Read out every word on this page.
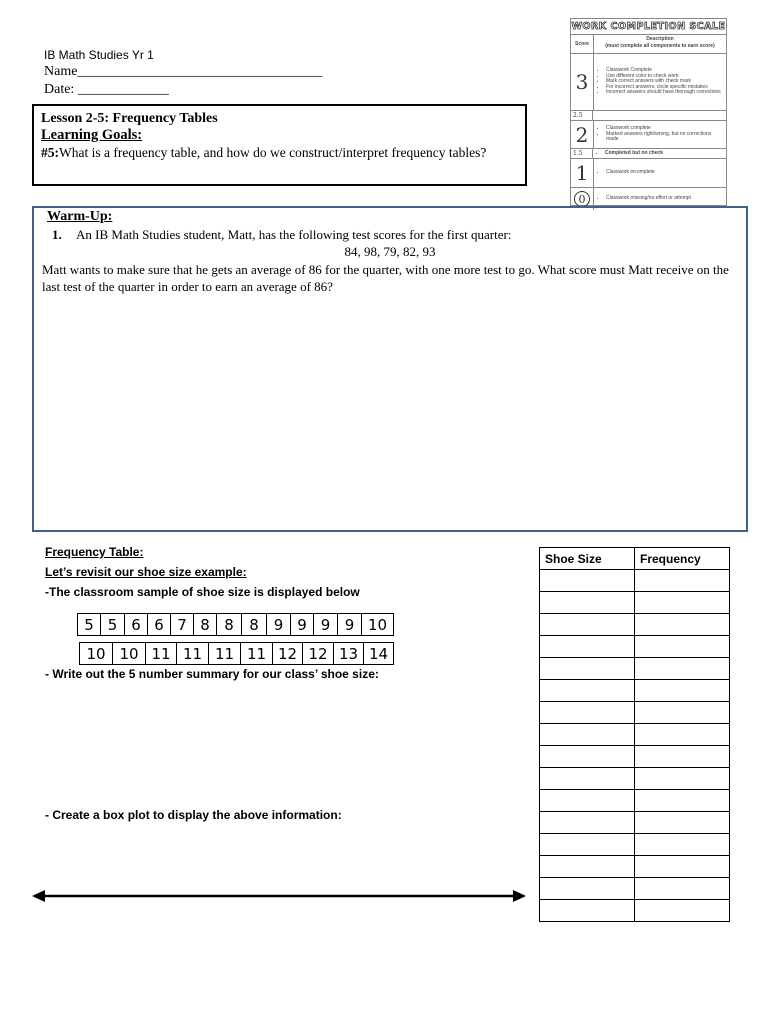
IB Math Studies Yr 1
Name___________________________________
Date: _____________
WORK COMPLETION SCALE
Score
Description
(must complete all components to earn score)
3	• Classwork Complete
• Use different color to check work
• Mark correct answers with check mark
• For incorrect answers, circle specific mistakes
• Incorrect answers should have thorough corrections
2.5
2	• Classwork complete
• Marked answers right/wrong, but no corrections made
1.5	• Completed but no check
1	• Classwork incomplete
0	• Classwork missing/no effort or attempt
Lesson 2-5: Frequency Tables
Learning Goals:
#5:What is a frequency table, and how do we construct/interpret frequency tables?
Warm-Up:
1.	An IB Math Studies student, Matt, has the following test scores for the first quarter:
84, 98, 79, 82, 93
Matt wants to make sure that he gets an average of 86 for the quarter, with one more test to go. What score must Matt receive on the last test of the quarter in order to earn an average of 86?
Frequency Table:
Let’s revisit our shoe size example:
-The classroom sample of shoe size is displayed below
5 5 6 6 7 8 8	8 9 9 9 9 10
10 10 11 11 11 11 12 12 13 14
- Write out the 5 number summary for our class’ shoe size:
- Create a box plot to display the above information:
Shoe Size	Frequency
